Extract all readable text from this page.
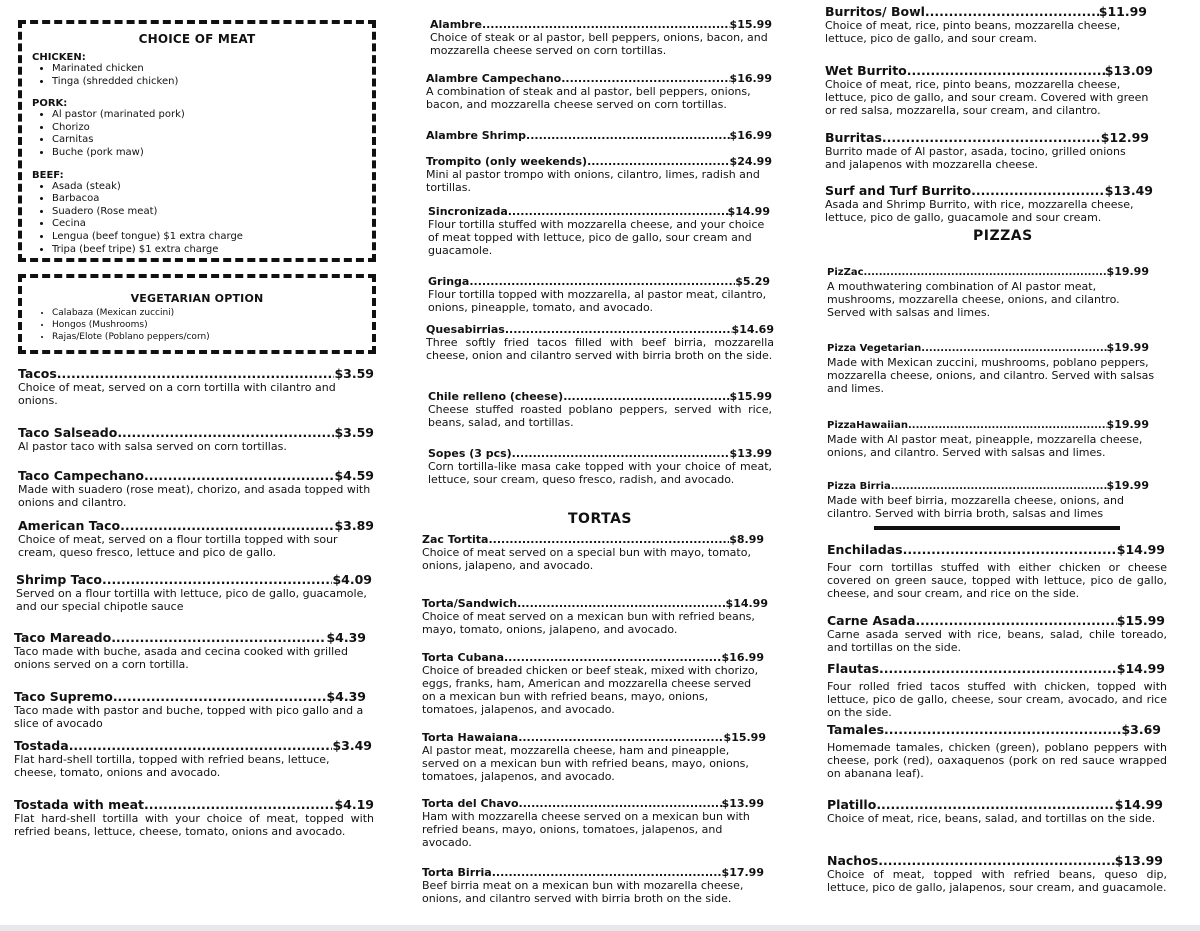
CHOICE OF MEAT
CHICKEN:
• Marinated chicken
• Tinga (shredded chicken)
PORK:
• Al pastor (marinated pork)
• Chorizo
• Carnitas
• Buche (pork maw)
BEEF:
• Asada (steak)
• Barbacoa
• Suadero (Rose meat)
• Cecina
• Lengua (beef tongue) $1 extra charge
• Tripa (beef tripe) $1 extra charge
VEGETARIAN OPTION
• Calabaza (Mexican zuccini)
• Hongos (Mushrooms)
• Rajas/Elote (Poblano peppers/corn)
Tacos .....	$3.59
Choice of meat, served on a corn tortilla with cilantro and onions.
Taco Salseado .....	$3.59
Al pastor taco with salsa served on corn tortillas.
Taco Campechano .....	$4.59
Made with suadero (rose meat), chorizo, and asada topped with onions and cilantro.
American Taco .....	$3.89
Choice of meat, served on a flour tortilla topped with sour cream, queso fresco, lettuce and pico de gallo.
Shrimp Taco .....	$4.09
Served on a flour tortilla with lettuce, pico de gallo, guacamole, and our special chipotle sauce
Taco Mareado .....	$4.39
Taco made with buche, asada and cecina cooked with grilled onions served on a corn tortilla.
Taco Supremo .....	$4.39
Taco made with pastor and buche, topped with pico gallo and a slice of avocado
Tostada .....	$3.49
Flat hard-shell tortilla, topped with refried beans, lettuce, cheese, tomato, onions and avocado.
Tostada with meat .....	$4.19
Flat hard-shell tortilla with your choice of meat, topped with refried beans, lettuce, cheese, tomato, onions and avocado.
Alambre .....	$15.99
Choice of steak or al pastor, bell peppers, onions, bacon, and mozzarella cheese served on corn tortillas.
Alambre Campechano .....	$16.99
A combination of steak and al pastor, bell peppers, onions, bacon, and mozzarella cheese served on corn tortillas.
Alambre Shrimp .....	$16.99
Trompito (only weekends) .....	$24.99
Mini al pastor trompo with onions, cilantro, limes, radish and tortillas.
Sincronizada .....	$14.99
Flour tortilla stuffed with mozzarella cheese, and your choice of meat topped with lettuce, pico de gallo, sour cream and guacamole.
Gringa .....	$5.29
Flour tortilla topped with mozzarella, al pastor meat, cilantro, onions, pineapple, tomato, and avocado.
Quesabirrias .....	$14.69
Three softly fried tacos filled with beef birria, mozzarella cheese, onion and cilantro served with birria broth on the side.
Chile relleno (cheese) .....	$15.99
Cheese stuffed roasted poblano peppers, served with rice, beans, salad, and tortillas.
Sopes (3 pcs) .....	$13.99
Corn tortilla-like masa cake topped with your choice of meat, lettuce, sour cream, queso fresco, radish, and avocado.
TORTAS
Zac Tortita .....	$8.99
Choice of meat served on a special bun with mayo, tomato, onions, jalapeno, and avocado.
Torta/Sandwich .....	$14.99
Choice of meat served on a mexican bun with refried beans, mayo, tomato, onions, jalapeno, and avocado.
Torta Cubana .....	$16.99
Choice of breaded chicken or beef steak, mixed with chorizo, eggs, franks, ham, American and mozzarella cheese served on a mexican bun with refried beans, mayo, onions, tomatoes, jalapenos, and avocado.
Torta Hawaiana .....	$15.99
Al pastor meat, mozzarella cheese, ham and pineapple, served on a mexican bun with refried beans, mayo, onions, tomatoes, jalapenos, and avocado.
Torta del Chavo .....	$13.99
Ham with mozzarella cheese served on a mexican bun with refried beans, mayo, onions, tomatoes, jalapenos, and avocado.
Torta Birria .....	$17.99
Beef birria meat on a mexican bun with mozarella cheese, onions, and cilantro served with birria broth on the side.
Burritos/ Bowl .....	$11.99
Choice of meat, rice, pinto beans, mozzarella cheese, lettuce, pico de gallo, and sour cream.
Wet Burrito .....	$13.09
Choice of meat, rice, pinto beans, mozzarella cheese, lettuce, pico de gallo, and sour cream. Covered with green or red salsa, mozzarella, sour cream, and cilantro.
Burritas .....	$12.99
Burrito made of Al pastor, asada, tocino, grilled onions and jalapenos with mozzarella cheese.
Surf and Turf Burrito .....	$13.49
Asada and Shrimp Burrito, with rice, mozzarella cheese, lettuce, pico de gallo, guacamole and sour cream.
PIZZAS
PizZac .....	$19.99
A mouthwatering combination of Al pastor meat, mushrooms, mozzarella cheese, onions, and cilantro. Served with salsas and limes.
Pizza Vegetarian .....	$19.99
Made with Mexican zuccini, mushrooms, poblano peppers, mozzarella cheese, onions, and cilantro. Served with salsas and limes.
PizzaHawaiian .....	$19.99
Made with Al pastor meat, pineapple, mozzarella cheese, onions, and cilantro. Served with salsas and limes.
Pizza Birria .....	$19.99
Made with beef birria, mozzarella cheese, onions, and cilantro. Served with birria broth, salsas and limes
Enchiladas .....	$14.99
Four corn tortillas stuffed with either chicken or cheese covered on green sauce, topped with lettuce, pico de gallo, cheese, and sour cream, and rice on the side.
Carne Asada .....	$15.99
Carne asada served with rice, beans, salad, chile toreado, and tortillas on the side.
Flautas .....	$14.99
Four rolled fried tacos stuffed with chicken, topped with lettuce, pico de gallo, cheese, sour cream, avocado, and rice on the side.
Tamales .....	$3.69
Homemade tamales, chicken (green), poblano peppers with cheese, pork (red), oaxaquenos (pork on red sauce wrapped on abanana leaf).
Platillo .....	$14.99
Choice of meat, rice, beans, salad, and tortillas on the side.
Nachos .....	$13.99
Choice of meat, topped with refried beans, queso dip, lettuce, pico de gallo, jalapenos, sour cream, and guacamole.
